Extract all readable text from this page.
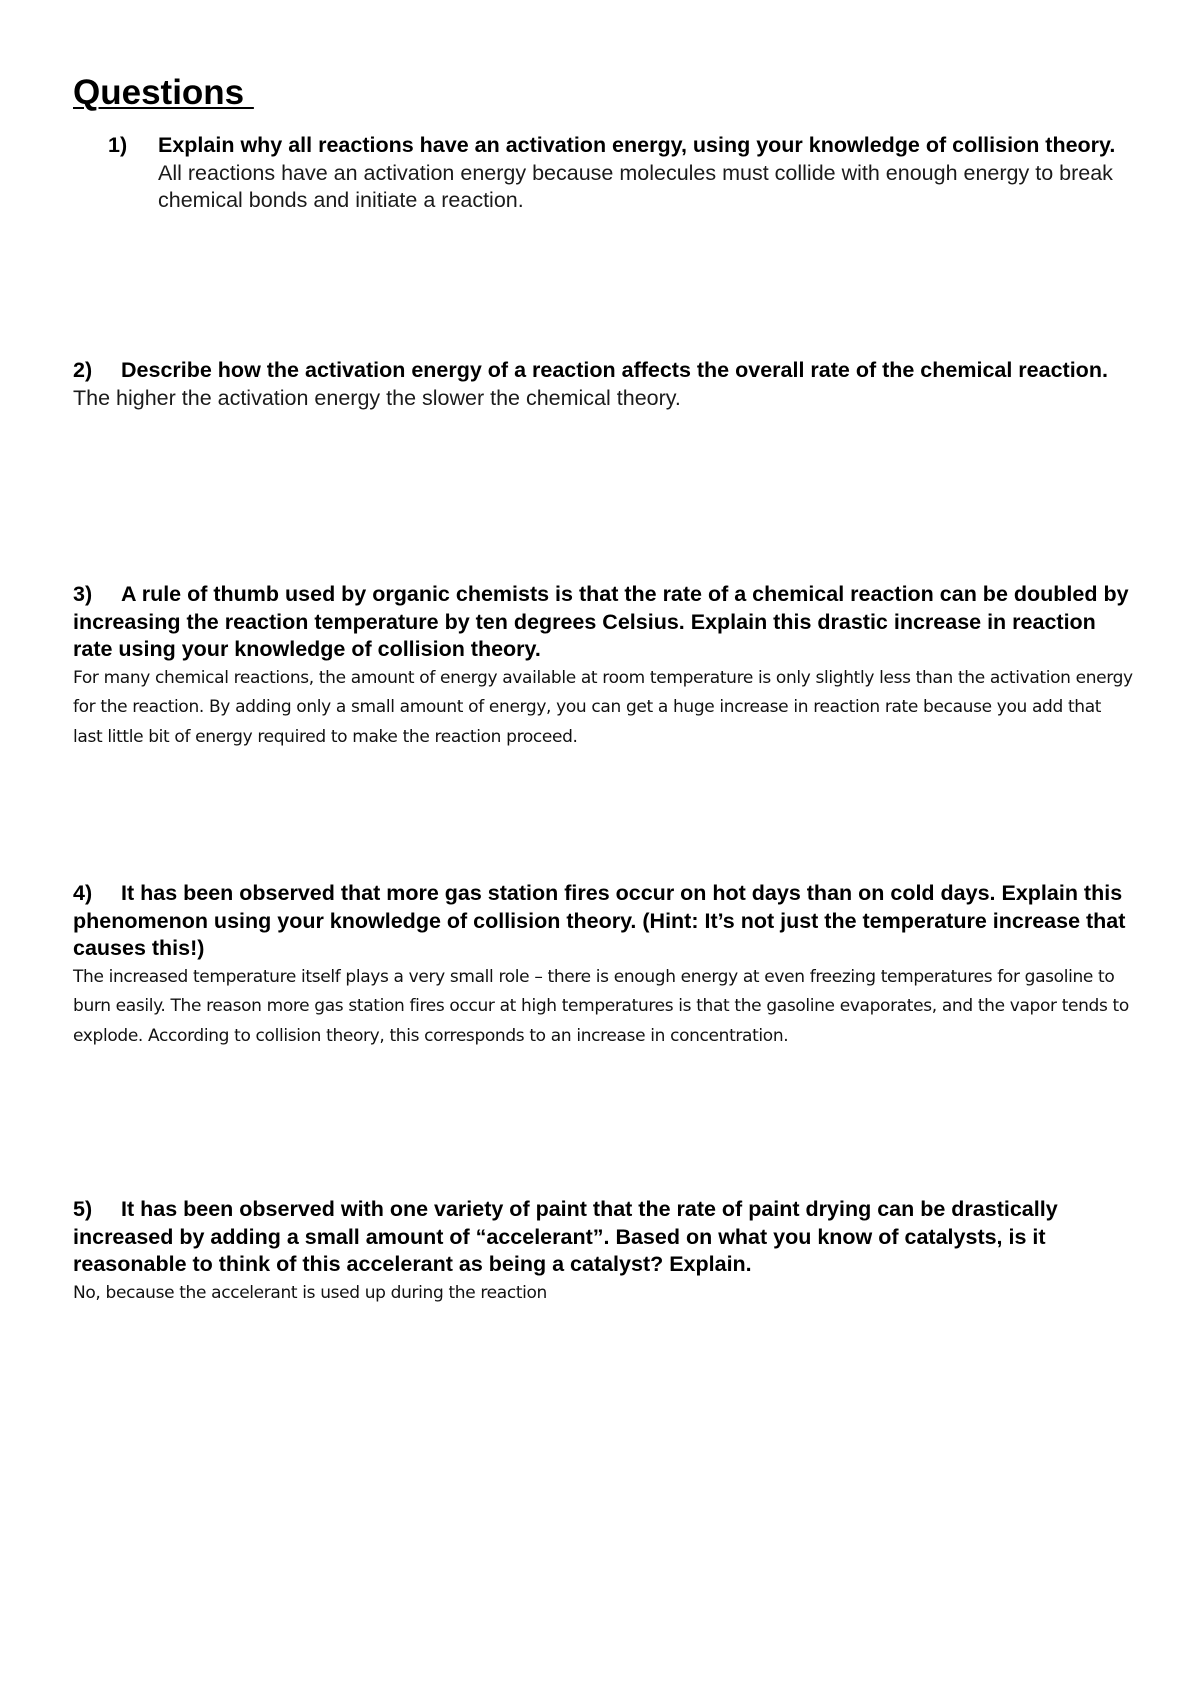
Questions
1) Explain why all reactions have an activation energy, using your knowledge of collision theory.

All reactions have an activation energy because molecules must collide with enough energy to break chemical bonds and initiate a reaction.

2) Describe how the activation energy of a reaction affects the overall rate of the chemical reaction.

The higher the activation energy the slower the chemical theory.

3) A rule of thumb used by organic chemists is that the rate of a chemical reaction can be doubled by increasing the reaction temperature by ten degrees Celsius. Explain this drastic increase in reaction rate using your knowledge of collision theory.

For many chemical reactions, the amount of energy available at room temperature is only slightly less than the activation energy for the reaction. By adding only a small amount of energy, you can get a huge increase in reaction rate because you add that last little bit of energy required to make the reaction proceed.

4) It has been observed that more gas station fires occur on hot days than on cold days. Explain this phenomenon using your knowledge of collision theory. (Hint: It’s not just the temperature increase that causes this!)

The increased temperature itself plays a very small role – there is enough energy at even freezing temperatures for gasoline to burn easily. The reason more gas station fires occur at high temperatures is that the gasoline evaporates, and the vapor tends to explode. According to collision theory, this corresponds to an increase in concentration.

5) It has been observed with one variety of paint that the rate of paint drying can be drastically increased by adding a small amount of “accelerant”. Based on what you know of catalysts, is it reasonable to think of this accelerant as being a catalyst? Explain.

No, because the accelerant is used up during the reaction
